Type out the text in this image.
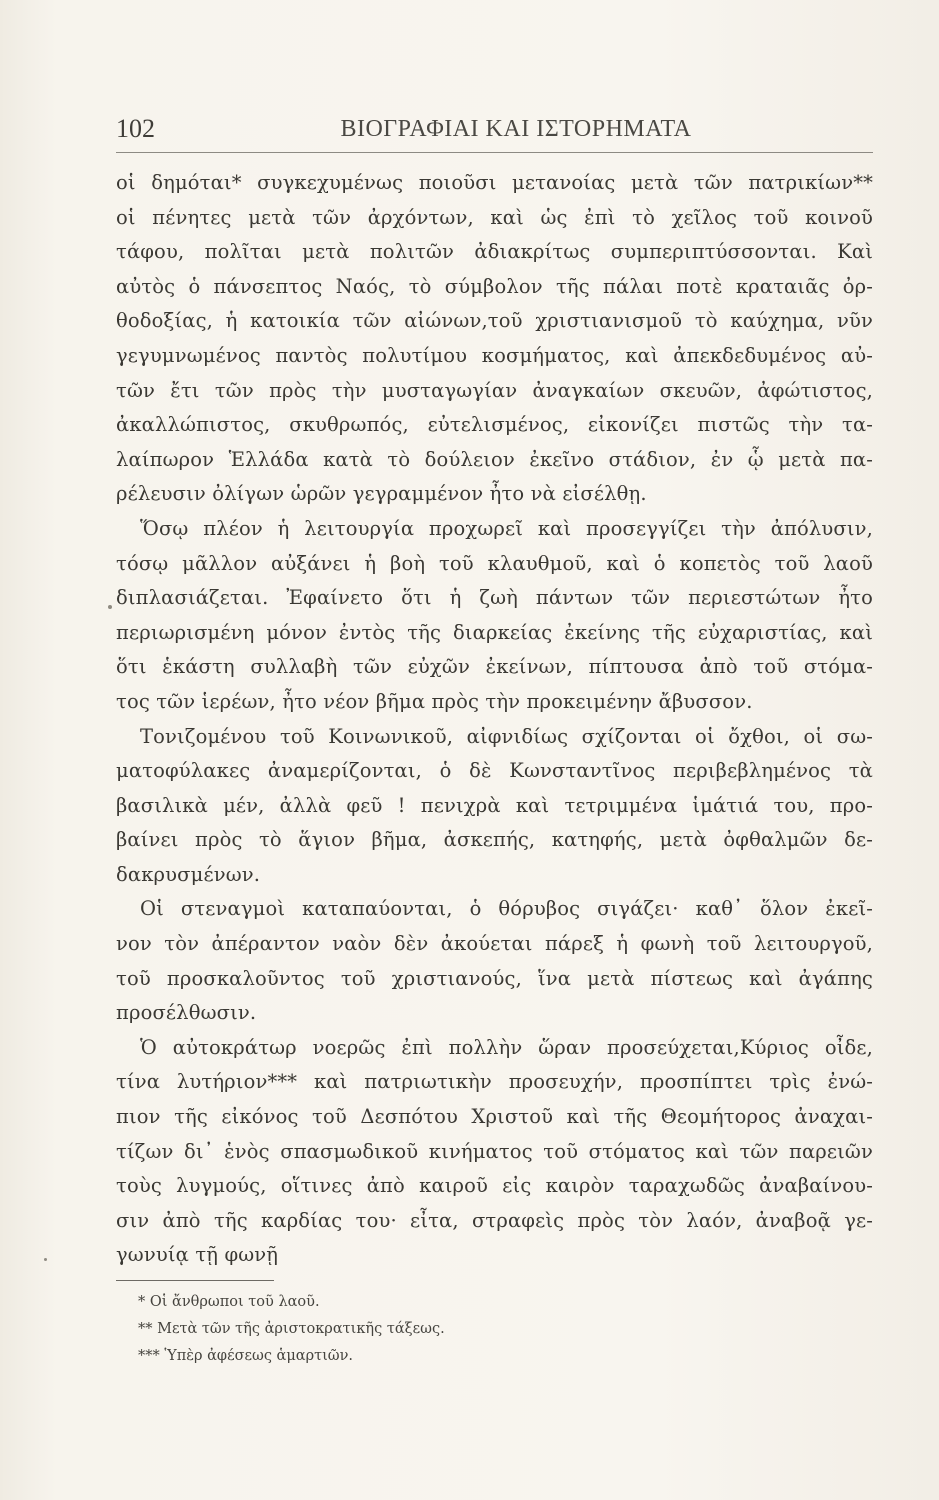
102	ΒΙΟΓΡΑΦΙΑΙ ΚΑΙ ΙΣΤΟΡΗΜΑΤΑ
οἱ δημόται* συγκεχυμένως ποιοῦσι μετανοίας μετὰ τῶν πατρικίων**
οἱ πένητες μετὰ τῶν ἀρχόντων, καὶ ὡς ἐπὶ τὸ χεῖλος τοῦ κοινοῦ
τάφου, πολῖται μετὰ πολιτῶν ἀδιακρίτως συμπεριπτύσσονται. Καὶ
αὐτὸς ὁ πάνσεπτος Ναός, τὸ σύμβολον τῆς πάλαι ποτὲ κραταιᾶς ὀρ-
θοδοξίας, ἡ κατοικία τῶν αἰώνων,τοῦ χριστιανισμοῦ τὸ καύχημα, νῦν
γεγυμνωμένος παντὸς πολυτίμου κοσμήματος, καὶ ἀπεκδεδυμένος αὐ-
τῶν ἔτι τῶν πρὸς τὴν μυσταγωγίαν ἀναγκαίων σκευῶν, ἀφώτιστος,
ἀκαλλώπιστος, σκυθρωπός, εὐτελισμένος, εἰκονίζει πιστῶς τὴν τα-
λαίπωρον Ἑλλάδα κατὰ τὸ δούλειον ἐκεῖνο στάδιον, ἐν ᾧ μετὰ πα-
ρέλευσιν ὀλίγων ὡρῶν γεγραμμένον ἦτο νὰ εἰσέλθῃ.
Ὅσῳ πλέον ἡ λειτουργία προχωρεῖ καὶ προσεγγίζει τὴν ἀπόλυσιν,
τόσῳ μᾶλλον αὐξάνει ἡ βοὴ τοῦ κλαυθμοῦ, καὶ ὁ κοπετὸς τοῦ λαοῦ
διπλασιάζεται. Ἐφαίνετο ὅτι ἡ ζωὴ πάντων τῶν περιεστώτων ἦτο
περιωρισμένη μόνον ἐντὸς τῆς διαρκείας ἐκείνης τῆς εὐχαριστίας, καὶ
ὅτι ἑκάστη συλλαβὴ τῶν εὐχῶν ἐκείνων, πίπτουσα ἀπὸ τοῦ στόμα-
τος τῶν ἱερέων, ἦτο νέον βῆμα πρὸς τὴν προκειμένην ἄβυσσον.
Τονιζομένου τοῦ Κοινωνικοῦ, αἰφνιδίως σχίζονται οἱ ὄχθοι, οἱ σω-
ματοφύλακες ἀναμερίζονται, ὁ δὲ Κωνσταντῖνος περιβεβλημένος τὰ
βασιλικὰ μέν, ἀλλὰ φεῦ ! πενιχρὰ καὶ τετριμμένα ἱμάτιά του, προ-
βαίνει πρὸς τὸ ἅγιον βῆμα, ἀσκεπής, κατηφής, μετὰ ὀφθαλμῶν δε-
δακρυσμένων.
Οἱ στεναγμοὶ καταπαύονται, ὁ θόρυβος σιγάζει· καθ᾽ ὅλον ἐκεῖ-
νον τὸν ἀπέραντον ναὸν δὲν ἀκούεται πάρεξ ἡ φωνὴ τοῦ λειτουργοῦ,
τοῦ προσκαλοῦντος τοῦ χριστιανούς, ἵνα μετὰ πίστεως καὶ ἀγάπης
προσέλθωσιν.
Ὁ αὐτοκράτωρ νοερῶς ἐπὶ πολλὴν ὥραν προσεύχεται,Κύριος οἶδε,
τίνα λυτήριον*** καὶ πατριωτικὴν προσευχήν, προσπίπτει τρὶς ἐνώ-
πιον τῆς εἰκόνος τοῦ Δεσπότου Χριστοῦ καὶ τῆς Θεομήτορος ἀναχαι-
τίζων δι᾽ ἑνὸς σπασμωδικοῦ κινήματος τοῦ στόματος καὶ τῶν παρειῶν
τοὺς λυγμούς, οἵτινες ἀπὸ καιροῦ εἰς καιρὸν ταραχωδῶς ἀναβαίνου-
σιν ἀπὸ τῆς καρδίας του· εἶτα, στραφεὶς πρὸς τὸν λαόν, ἀναβοᾷ γε-
γωνυίᾳ τῇ φωνῇ
* Οἱ ἄνθρωποι τοῦ λαοῦ.
** Μετὰ τῶν τῆς ἀριστοκρατικῆς τάξεως.
*** Ὑπὲρ ἀφέσεως ἁμαρτιῶν.
